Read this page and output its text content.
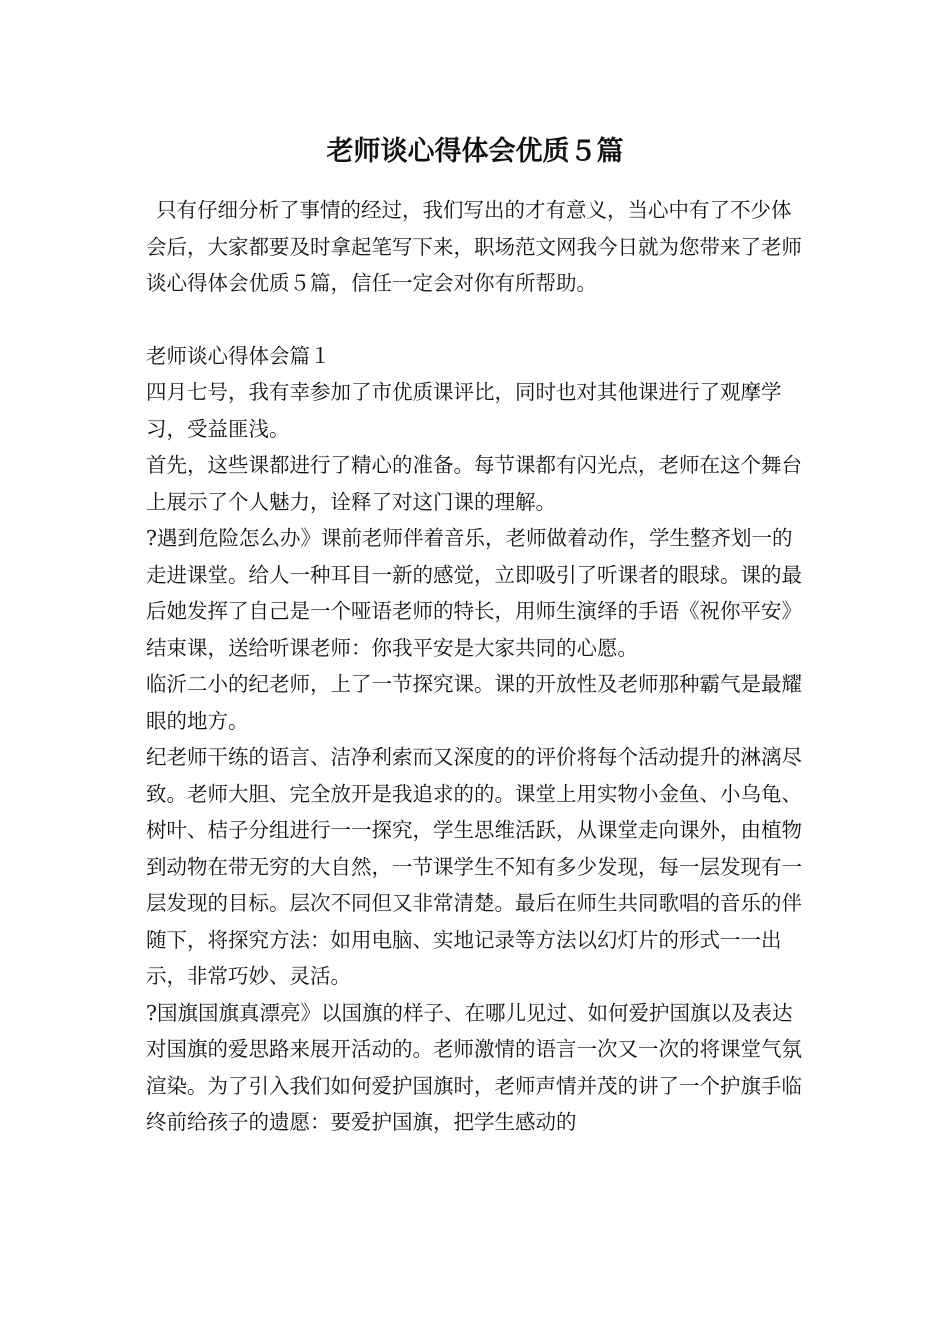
老师谈心得体会优质５篇

只有仔细分析了事情的经过，我们写出的才有意义，当心中有了不少体会后，大家都要及时拿起笔写下来，职场范文网我今日就为您带来了老师谈心得体会优质５篇，信任一定会对你有所帮助。

老师谈心得体会篇１

四月七号，我有幸参加了市优质课评比，同时也对其他课进行了观摩学习，受益匪浅。

首先，这些课都进行了精心的准备。每节课都有闪光点，老师在这个舞台上展示了个人魅力，诠释了对这门课的理解。

?遇到危险怎么办》课前老师伴着音乐，老师做着动作，学生整齐划一的走进课堂。给人一种耳目一新的感觉，立即吸引了听课者的眼球。课的最后她发挥了自己是一个哑语老师的特长，用师生演绎的手语《祝你平安》结束课，送给听课老师：你我平安是大家共同的心愿。

临沂二小的纪老师，上了一节探究课。课的开放性及老师那种霸气是最耀眼的地方。

纪老师干练的语言、洁净利索而又深度的的评价将每个活动提升的淋漓尽致。老师大胆、完全放开是我追求的的。课堂上用实物小金鱼、小乌龟、树叶、桔子分组进行一一探究，学生思维活跃，从课堂走向课外，由植物到动物在带无穷的大自然，一节课学生不知有多少发现，每一层发现有一层发现的目标。层次不同但又非常清楚。最后在师生共同歌唱的音乐的伴随下，将探究方法：如用电脑、实地记录等方法以幻灯片的形式一一出示，非常巧妙、灵活。

?国旗国旗真漂亮》以国旗的样子、在哪儿见过、如何爱护国旗以及表达对国旗的爱思路来展开活动的。老师激情的语言一次又一次的将课堂气氛渲染。为了引入我们如何爱护国旗时，老师声情并茂的讲了一个护旗手临终前给孩子的遗愿：要爱护国旗，把学生感动的
